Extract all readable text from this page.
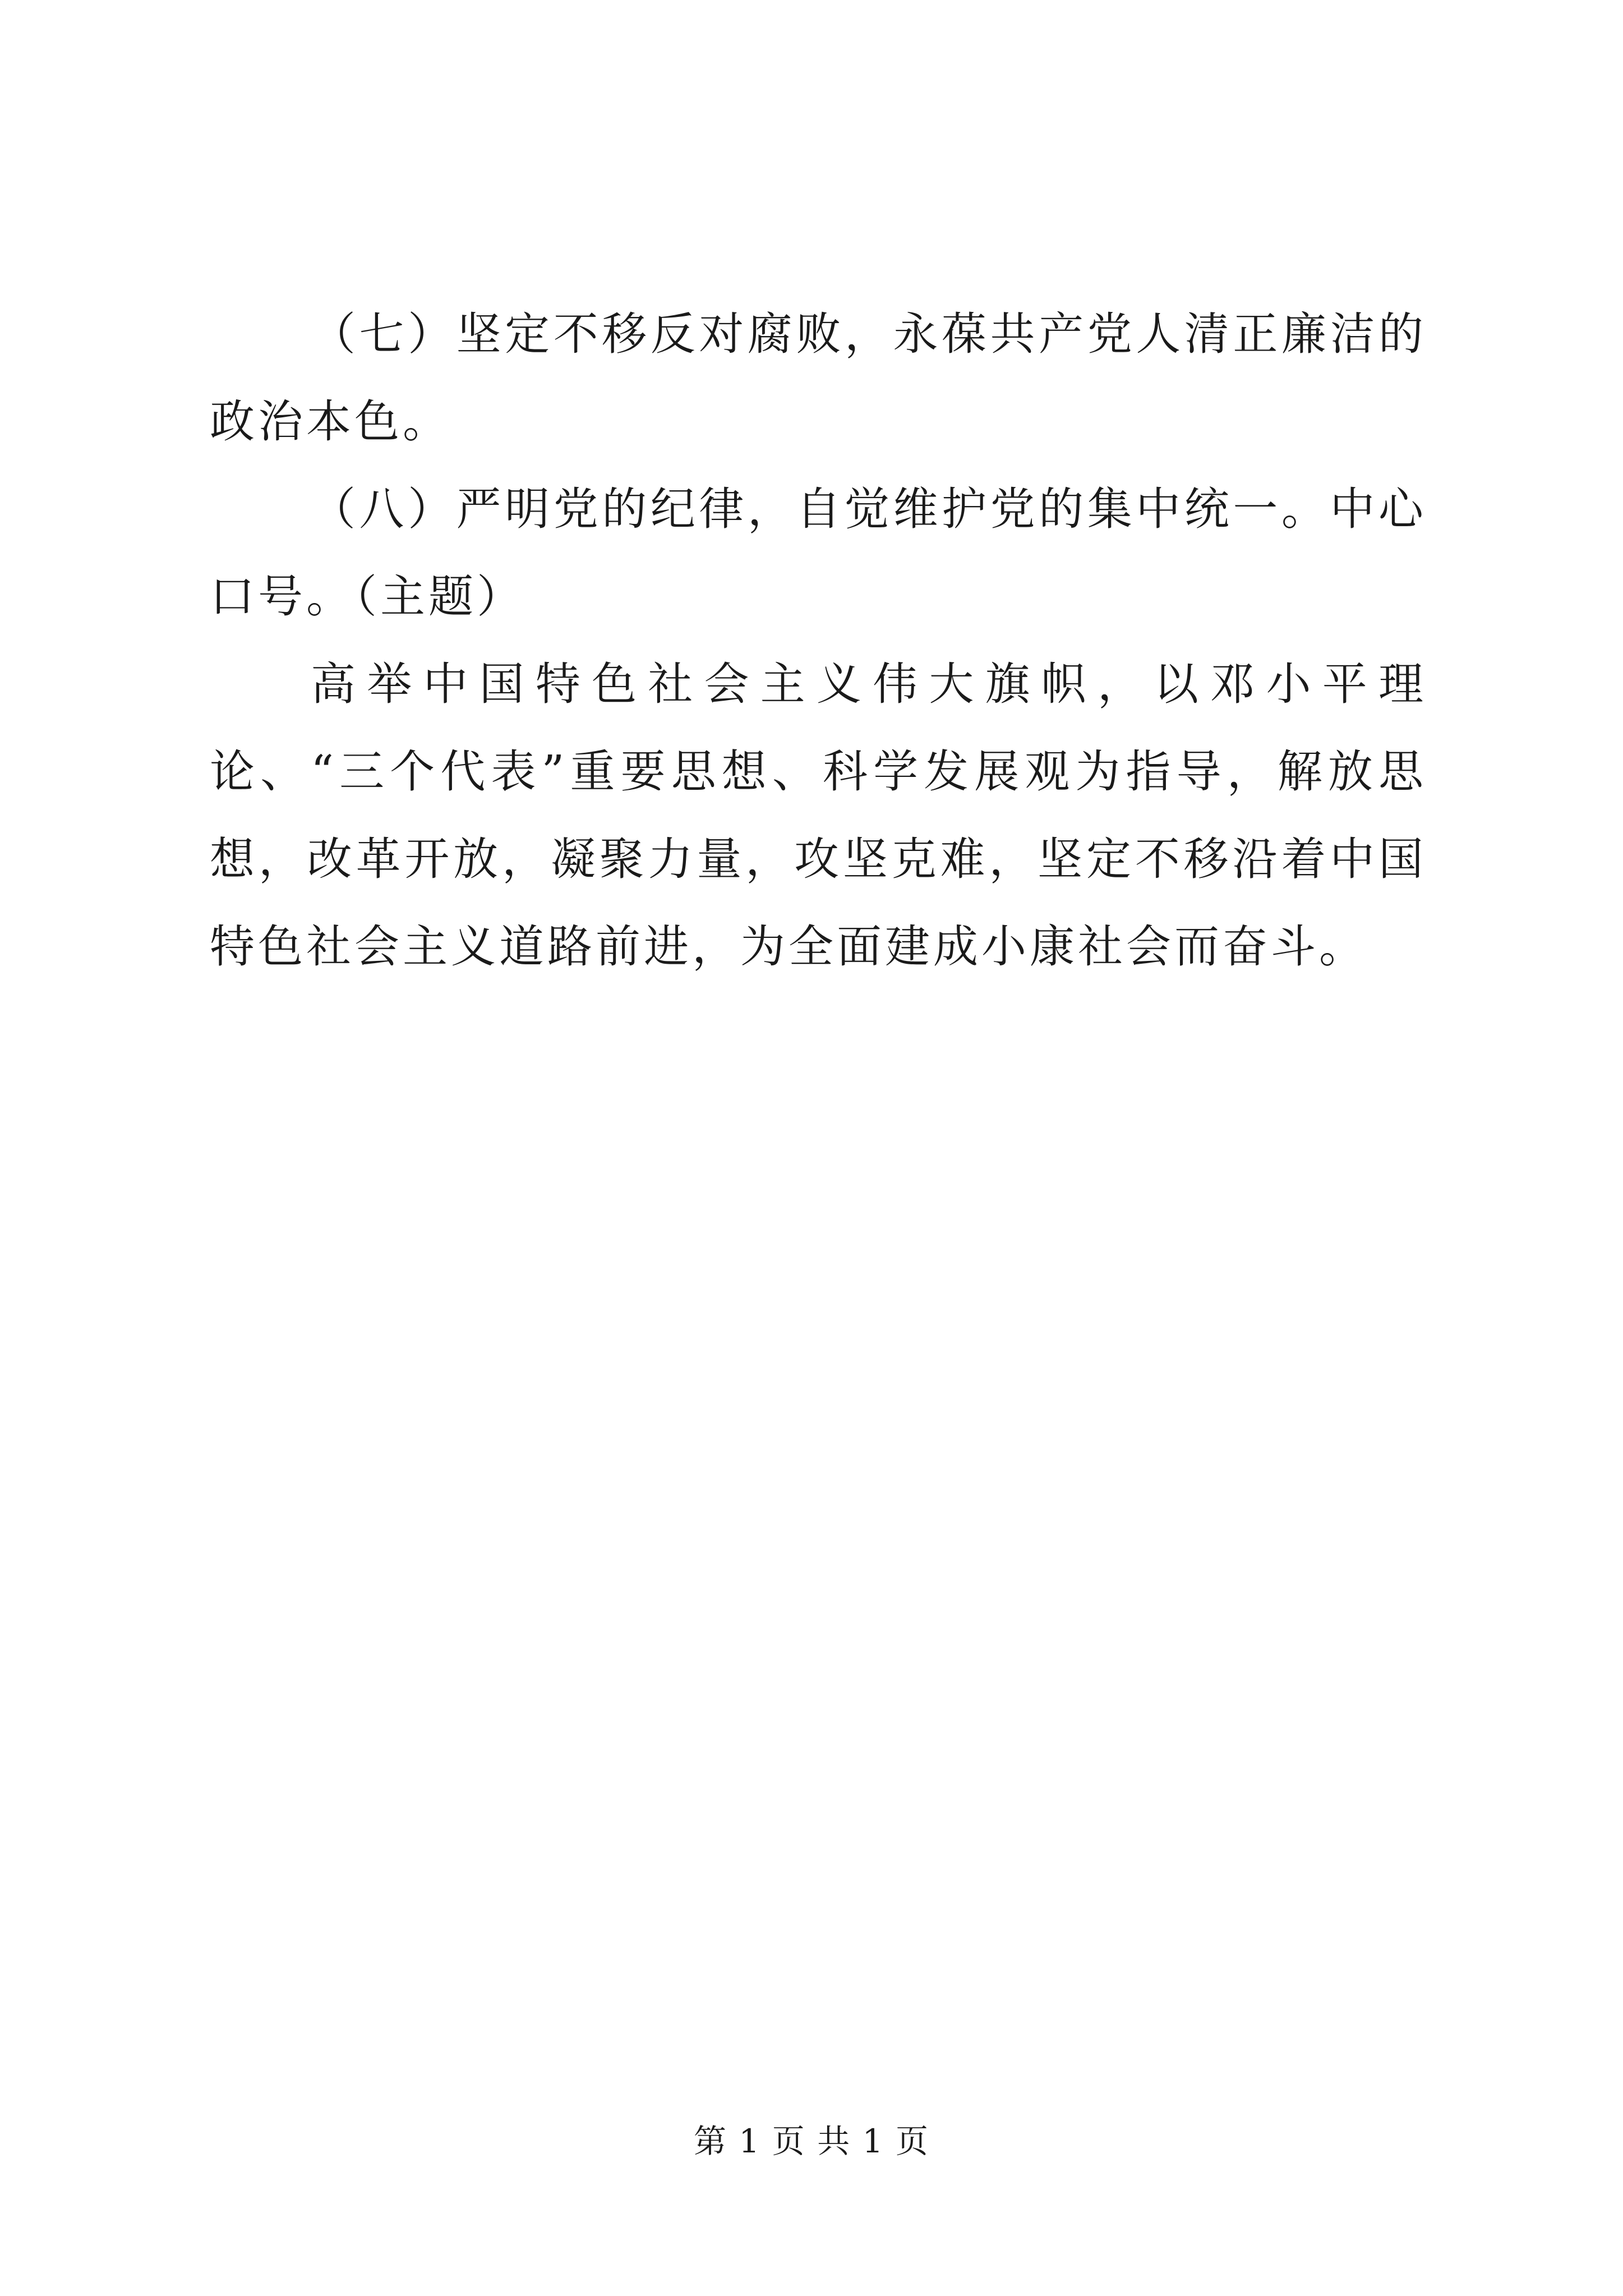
（七）坚定不移反对腐败，永葆共产党人清正廉洁的政治本色。

（八）严明党的纪律，自觉维护党的集中统一。中心口号。（主题）

高举中国特色社会主义伟大旗帜，以邓小平理论、“三个代表”重要思想、科学发展观为指导，解放思想，改革开放，凝聚力量，攻坚克难，坚定不移沿着中国特色社会主义道路前进，为全面建成小康社会而奋斗。

第 1 页 共 1 页
